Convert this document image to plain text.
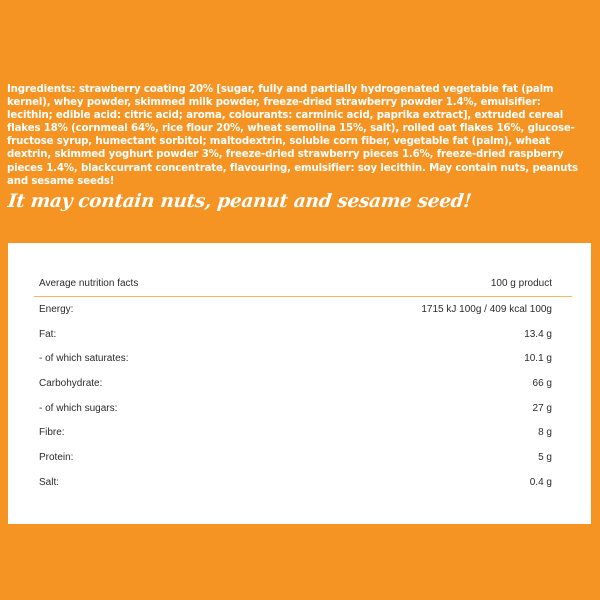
Ingredients: strawberry coating 20% [sugar, fully and partially hydrogenated vegetable fat (palm kernel), whey powder, skimmed milk powder, freeze-dried strawberry powder 1.4%, emulsifier: lecithin; edible acid: citric acid; aroma, colourants: carminic acid, paprika extract], extruded cereal flakes 18% (cornmeal 64%, rice flour 20%, wheat semolina 15%, salt), rolled oat flakes 16%, glucose-fructose syrup, humectant sorbitol; maltodextrin, soluble corn fiber, vegetable fat (palm), wheat dextrin, skimmed yoghurt powder 3%, freeze-dried strawberry pieces 1.6%, freeze-dried raspberry pieces 1.4%, blackcurrant concentrate, flavouring, emulsifier: soy lecithin. May contain nuts, peanuts and sesame seeds!
It may contain nuts, peanut and sesame seed!
Average nutrition facts	100 g product
Energy:	1715 kJ 100g / 409 kcal 100g
Fat:	13.4 g
- of which saturates:	10.1 g
Carbohydrate:	66 g
- of which sugars:	27 g
Fibre:	8 g
Protein:	5 g
Salt:	0.4 g
